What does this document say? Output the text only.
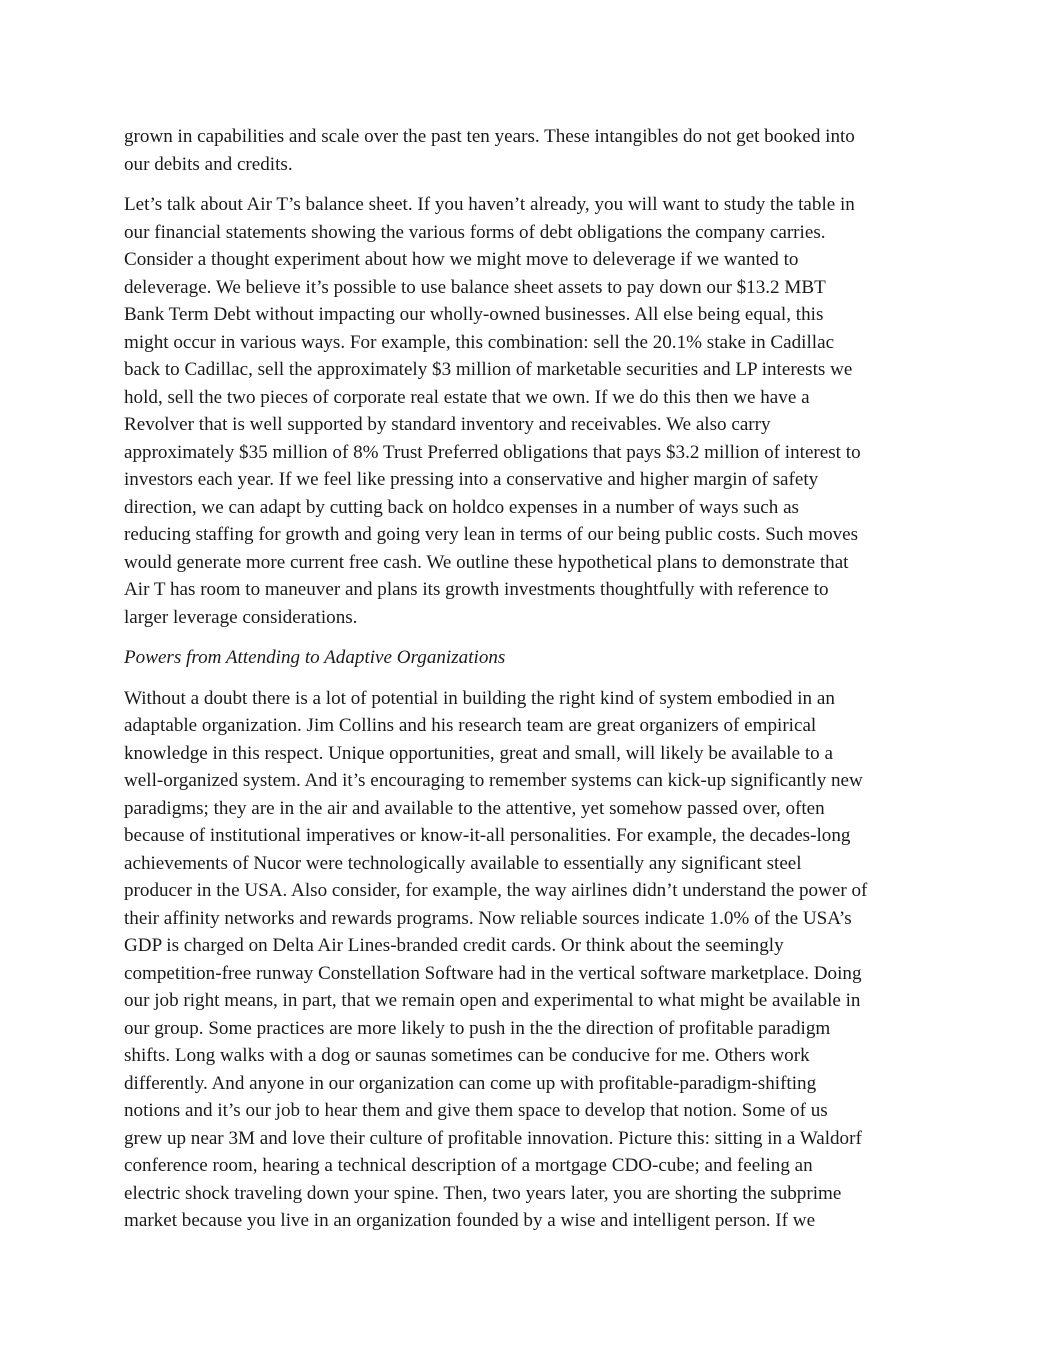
grown in capabilities and scale over the past ten years. These intangibles do not get booked into
our debits and credits.

Let’s talk about Air T’s balance sheet. If you haven’t already, you will want to study the table in
our financial statements showing the various forms of debt obligations the company carries.
Consider a thought experiment about how we might move to deleverage if we wanted to
deleverage. We believe it’s possible to use balance sheet assets to pay down our $13.2 MBT
Bank Term Debt without impacting our wholly-owned businesses. All else being equal, this
might occur in various ways. For example, this combination: sell the 20.1% stake in Cadillac
back to Cadillac, sell the approximately $3 million of marketable securities and LP interests we
hold, sell the two pieces of corporate real estate that we own. If we do this then we have a
Revolver that is well supported by standard inventory and receivables. We also carry
approximately $35 million of 8% Trust Preferred obligations that pays $3.2 million of interest to
investors each year. If we feel like pressing into a conservative and higher margin of safety
direction, we can adapt by cutting back on holdco expenses in a number of ways such as
reducing staffing for growth and going very lean in terms of our being public costs. Such moves
would generate more current free cash. We outline these hypothetical plans to demonstrate that
Air T has room to maneuver and plans its growth investments thoughtfully with reference to
larger leverage considerations.

Powers from Attending to Adaptive Organizations

Without a doubt there is a lot of potential in building the right kind of system embodied in an
adaptable organization. Jim Collins and his research team are great organizers of empirical
knowledge in this respect. Unique opportunities, great and small, will likely be available to a
well-organized system. And it’s encouraging to remember systems can kick-up significantly new
paradigms; they are in the air and available to the attentive, yet somehow passed over, often
because of institutional imperatives or know-it-all personalities. For example, the decades-long
achievements of Nucor were technologically available to essentially any significant steel
producer in the USA. Also consider, for example, the way airlines didn’t understand the power of
their affinity networks and rewards programs. Now reliable sources indicate 1.0% of the USA’s
GDP is charged on Delta Air Lines-branded credit cards. Or think about the seemingly
competition-free runway Constellation Software had in the vertical software marketplace. Doing
our job right means, in part, that we remain open and experimental to what might be available in
our group. Some practices are more likely to push in the the direction of profitable paradigm
shifts. Long walks with a dog or saunas sometimes can be conducive for me. Others work
differently. And anyone in our organization can come up with profitable-paradigm-shifting
notions and it’s our job to hear them and give them space to develop that notion. Some of us
grew up near 3M and love their culture of profitable innovation. Picture this: sitting in a Waldorf
conference room, hearing a technical description of a mortgage CDO-cube; and feeling an
electric shock traveling down your spine. Then, two years later, you are shorting the subprime
market because you live in an organization founded by a wise and intelligent person. If we
